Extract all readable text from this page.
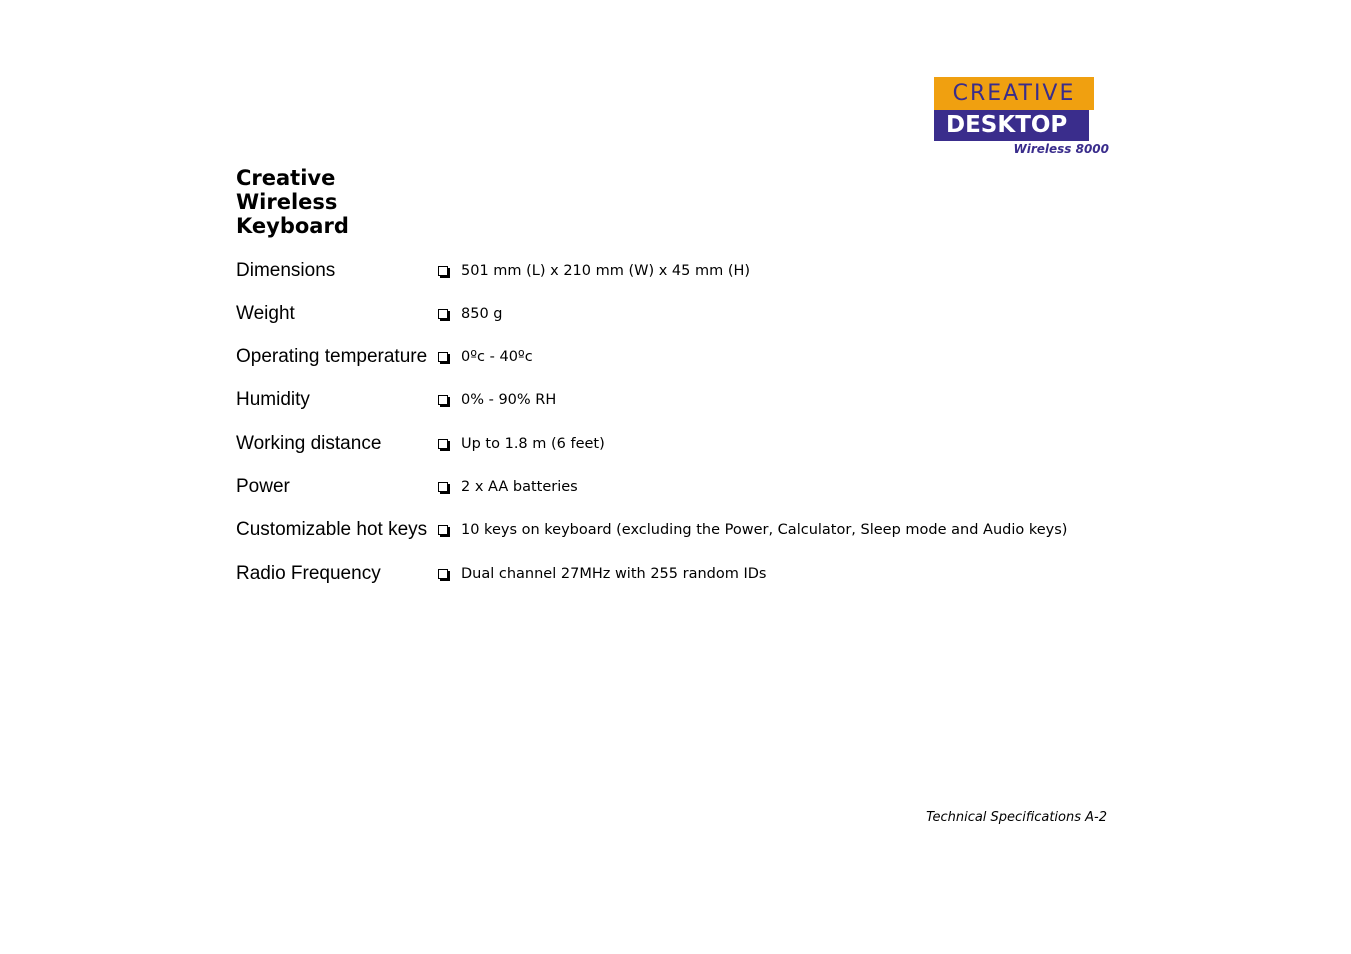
CREATIVE
DESKTOP
Wireless 8000
Creative Wireless Keyboard
Dimensions	501 mm (L) x 210 mm (W) x 45 mm (H)
Weight	850 g
Operating temperature	0ºc - 40ºc
Humidity	0% - 90% RH
Working distance	Up to 1.8 m (6 feet)
Power	2 x AA batteries
Customizable hot keys	10 keys on keyboard (excluding the Power, Calculator, Sleep mode and Audio keys)
Radio Frequency	Dual channel 27MHz with 255 random IDs
Technical Specifications A-2
